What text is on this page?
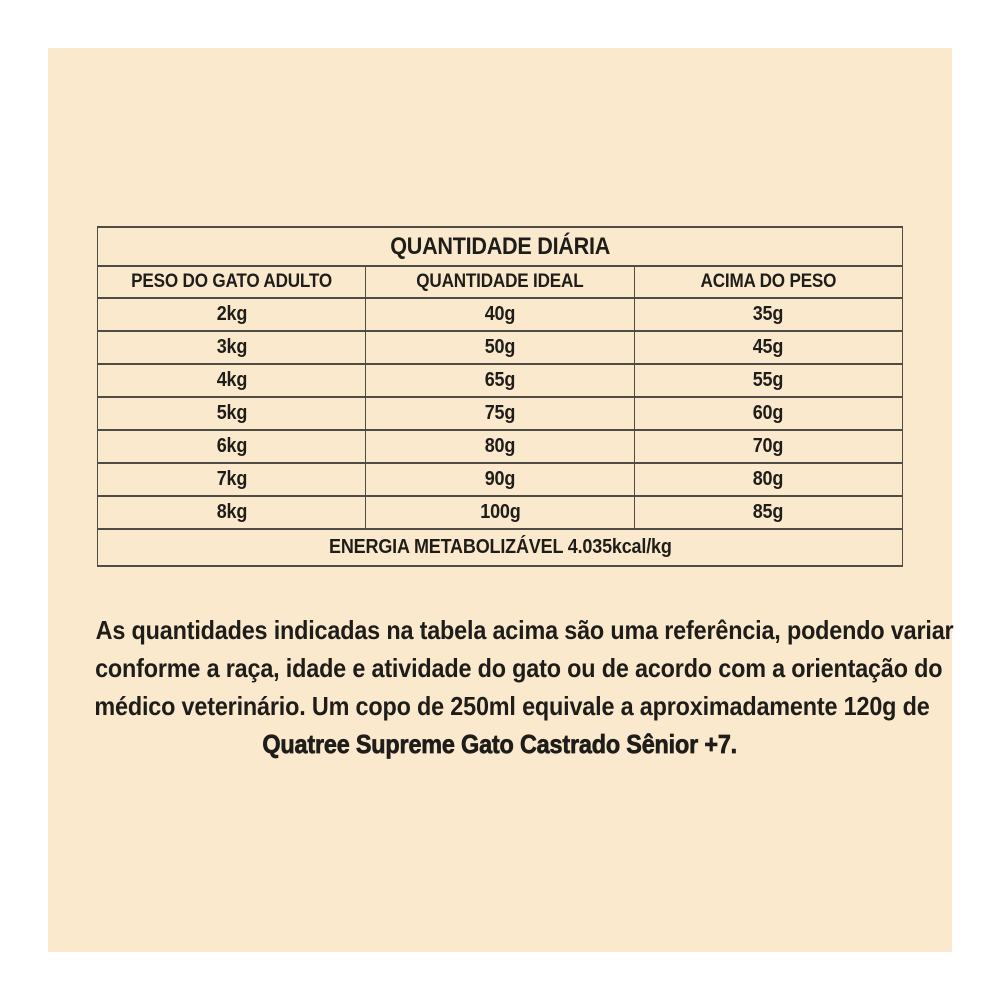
QUANTIDADE DIÁRIA		
PESO DO GATO ADULTO	QUANTIDADE IDEAL	ACIMA DO PESO
2kg	40g	35g
3kg	50g	45g
4kg	65g	55g
5kg	75g	60g
6kg	80g	70g
7kg	90g	80g
8kg	100g	85g
ENERGIA METABOLIZÁVEL 4.035kcal/kg		
As quantidades indicadas na tabela acima são uma referência, podendo variar
conforme a raça, idade e atividade do gato ou de acordo com a orientação do
médico veterinário. Um copo de 250ml equivale a aproximadamente 120g de
Quatree Supreme Gato Castrado Sênior +7.
